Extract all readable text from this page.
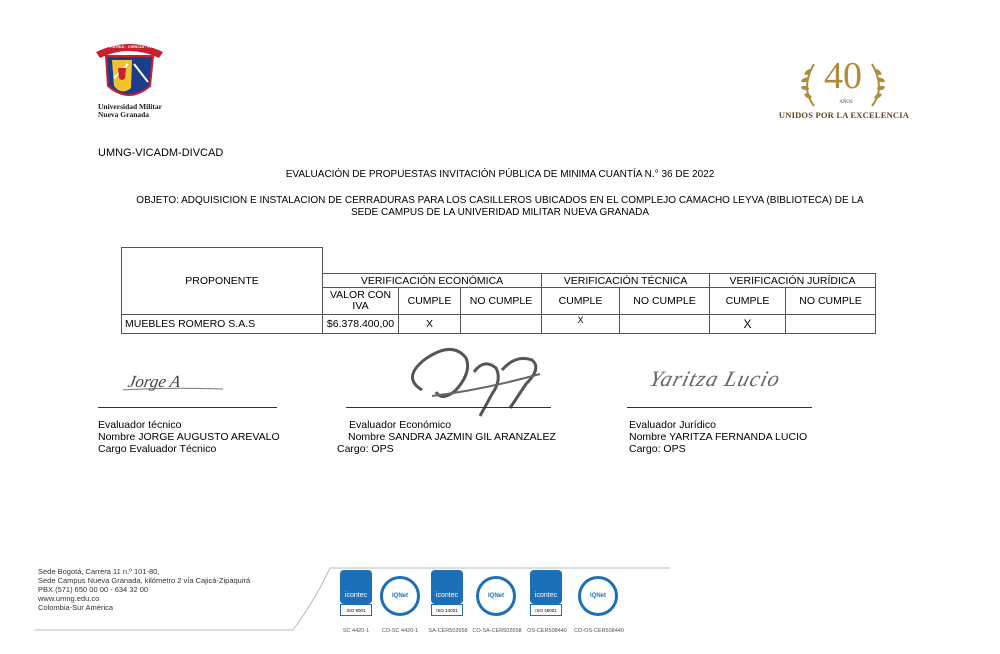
PATRIA · CIENCIA · FAMILIA
Universidad Militar
Nueva Granada
40
AÑOS
UNIDOS POR LA EXCELENCIA
UMNG-VICADM-DIVCAD
EVALUACIÓN DE PROPUESTAS INVITACIÓN PÚBLICA DE MINIMA CUANTÍA N.° 36 DE 2022
OBJETO: ADQUISICION E INSTALACION DE CERRADURAS PARA LOS CASILLEROS UBICADOS EN EL COMPLEJO CAMACHO LEYVA (BIBLIOTECA) DE LA
SEDE CAMPUS DE LA UNIVERIDAD MILITAR NUEVA GRANADA
PROPONENTE							
	VERIFICACIÓN ECONÓMICA			VERIFICACIÓN TÉCNICA		VERIFICACIÓN JURÍDICA	
	VALOR CON IVA	CUMPLE	NO CUMPLE	CUMPLE	NO CUMPLE	CUMPLE	NO CUMPLE
MUEBLES ROMERO S.A.S	$6.378.400,00	X		X		X	
Jorge A	Yaritza Lucio
Evaluador técnico
Nombre JORGE AUGUSTO AREVALO
Cargo Evaluador Técnico
Evaluador Económico
Nombre SANDRA JAZMIN GIL ARANZALEZ
Cargo: OPS
Evaluador Jurídico
Nombre YARITZA FERNANDA LUCIO
Cargo: OPS
Sede Bogotá, Carrera 11 n.º 101-80,
Sede Campus Nueva Granada, kilómetro 2 vía Cajicá-Zipaquirá
PBX (571) 650 00 00 - 634 32 00
www.umng.edu.co
Colombia-Sur América
icontec
ISO 9001
IQNet	icontec
ISO 14001
IQNet	icontec
ISO 45001
IQNet
SC 4420-1	CO-SC 4420-1	SA-CER502658 CO-SA-CER502658	OS-CER508440	CO-OS-CER508440
